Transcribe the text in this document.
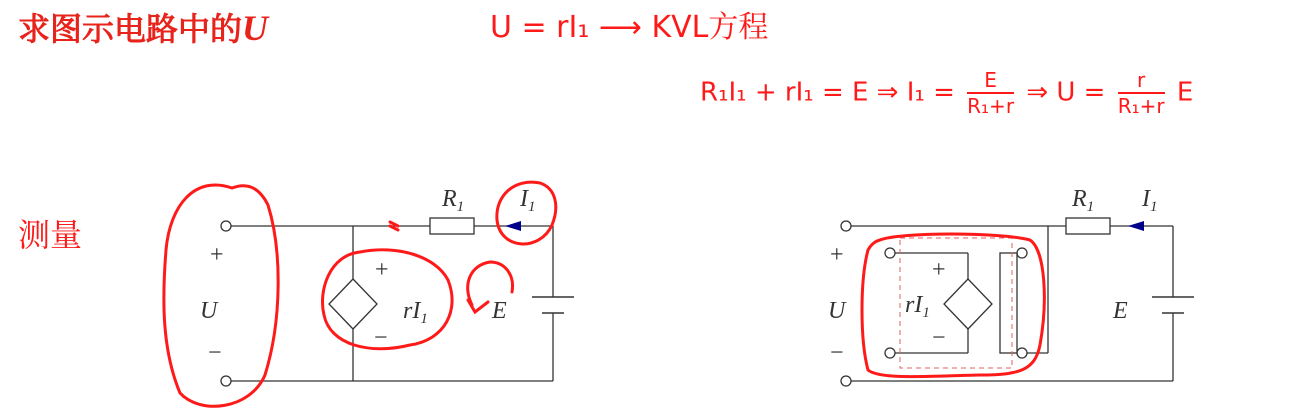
求图示电路中的U	U = rI₁ ⟶ KVL方程
R₁I₁ + rI₁ = E ⇒ $I_1 = \frac{E}{\text{R₁+r}}$ ⇒ $U = \frac{r}{\text{R₁+r}}$ E
测量
+
U
−
$R_1$ $I_1$
+
−
$rI_1$	E
+
U
−
$R_1$ $I_1$
+
−
$rI_1$	E
